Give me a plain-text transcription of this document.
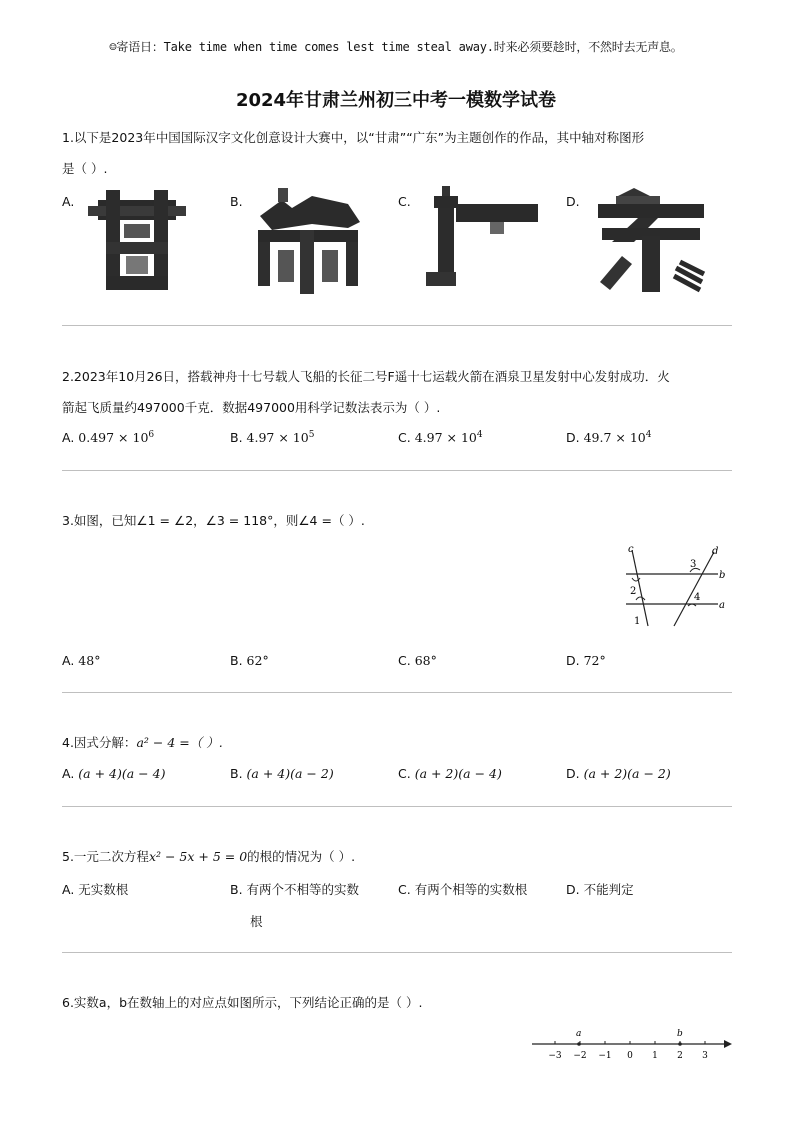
☺寄语日：Take time when time comes lest time steal away.时来必须要趁时，不然时去无声息。
2024年甘肃兰州初三中考一模数学试卷
1.以下是2023年中国国际汉字文化创意设计大赛中，以“甘肃”“广东”为主题创作的作品，其中轴对称图形
是（ ）.
A.	B.	C.	D.
2.2023年10月26日，搭载神舟十七号载人飞船的长征二号F遥十七运载火箭在酒泉卫星发射中心发射成功．火
箭起飞质量约497000千克．数据497000用科学记数法表示为（ ）.
A. $0.497 \times 10^6$	B. $4.97 \times 10^5$	C. $4.97 \times 10^4$	D. $49.7 \times 10^4$
3.如图，已知∠1 = ∠2，∠3 = 118°，则∠4 =（ ）.
c	d
b
a
3
2
4
1
A. 48°	B. 62°	C. 68°	D. 72°
4.因式分解：a² − 4 =（ ）.
A. (a + 4)(a − 4)	B. (a + 4)(a − 2)	C. (a + 2)(a − 4)	D. (a + 2)(a − 2)
5.一元二次方程x² − 5x + 5 = 0的根的情况为（ ）.
A. 无实数根	B. 有两个不相等的实数
根
C. 有两个相等的实数根	D. 不能判定
6.实数a，b在数轴上的对应点如图所示，下列结论正确的是（ ）.
−3 −2 −1 0 1 2 3
a	b
